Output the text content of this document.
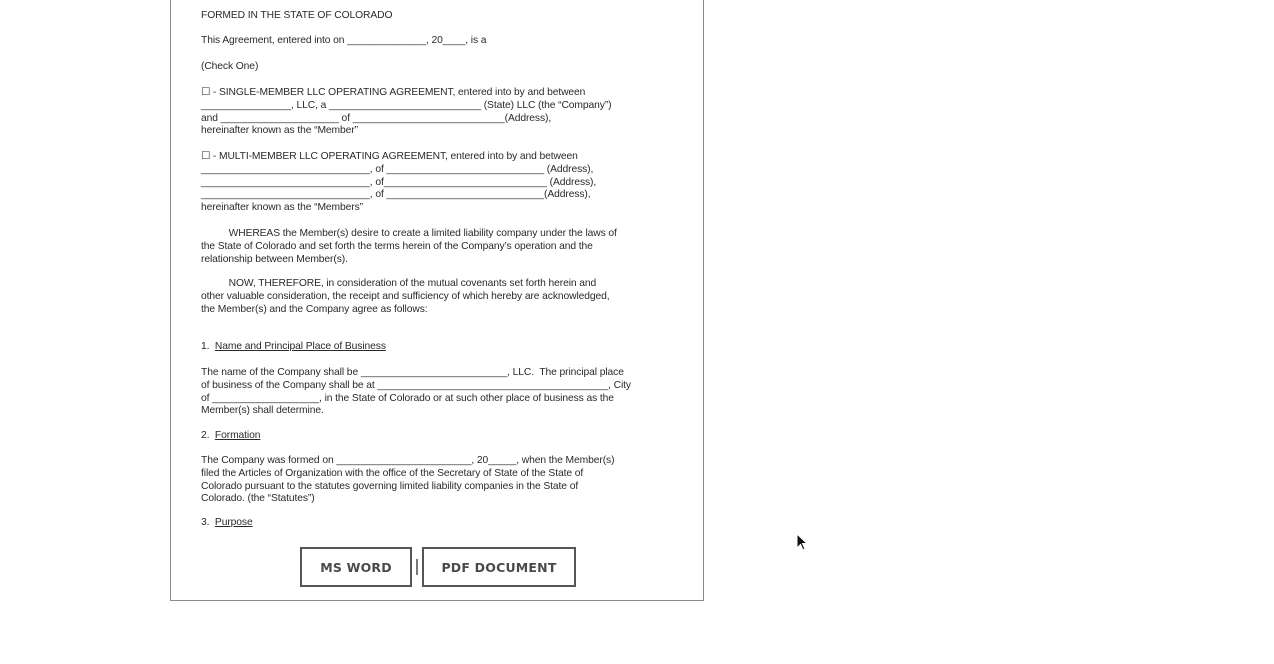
FORMED IN THE STATE OF COLORADO

This Agreement, entered into on ______________, 20____, is a

(Check One)

☐ - SINGLE-MEMBER LLC OPERATING AGREEMENT, entered into by and between

________________, LLC, a ___________________________ (State) LLC (the “Company”)

and _____________________ of ___________________________(Address),

hereinafter known as the “Member”

☐ - MULTI-MEMBER LLC OPERATING AGREEMENT, entered into by and between

______________________________, of ____________________________ (Address),

______________________________, of_____________________________ (Address),

______________________________, of ____________________________(Address),

hereinafter known as the “Members”

WHEREAS the Member(s) desire to create a limited liability company under the laws of

the State of Colorado and set forth the terms herein of the Company’s operation and the

relationship between Member(s).

NOW, THEREFORE, in consideration of the mutual covenants set forth herein and

other valuable consideration, the receipt and sufficiency of which hereby are acknowledged,

the Member(s) and the Company agree as follows:

1. Name and Principal Place of Business

The name of the Company shall be __________________________, LLC.  The principal place

of business of the Company shall be at _________________________________________, City

of ___________________, in the State of Colorado or at such other place of business as the

Member(s) shall determine.

2. Formation

The Company was formed on ________________________, 20_____, when the Member(s)

filed the Articles of Organization with the office of the Secretary of State of the State of

Colorado pursuant to the statutes governing limited liability companies in the State of

Colorado. (the “Statutes”)

3. Purpose

MS WORD	PDF DOCUMENT
